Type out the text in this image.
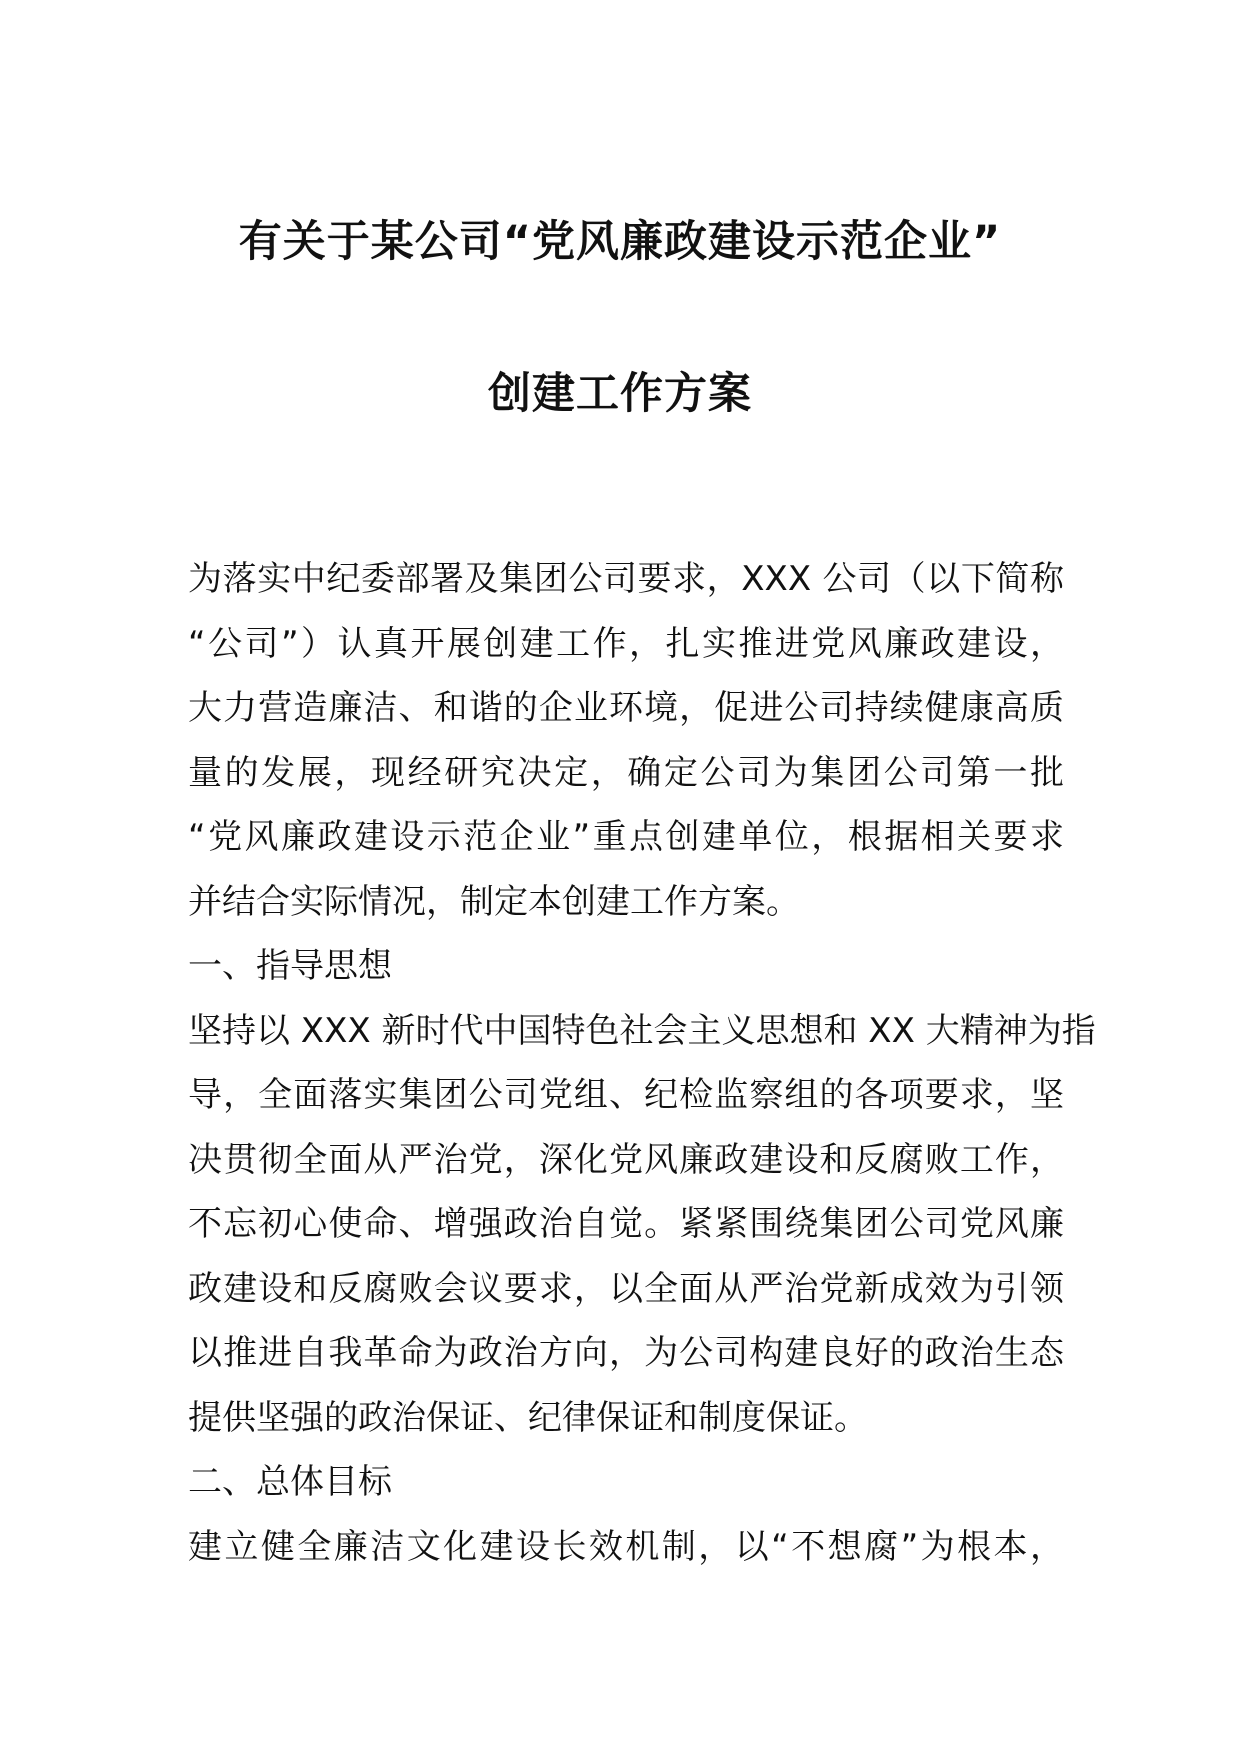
有关于某公司“党风廉政建设示范企业”
创建工作方案
为落实中纪委部署及集团公司要求，XXX 公司（以下简称
“公司”）认真开展创建工作，扎实推进党风廉政建设，
大力营造廉洁、和谐的企业环境，促进公司持续健康高质
量的发展，现经研究决定，确定公司为集团公司第一批
“党风廉政建设示范企业”重点创建单位，根据相关要求
并结合实际情况，制定本创建工作方案。
一、指导思想
坚持以 XXX 新时代中国特色社会主义思想和 XX 大精神为指
导，全面落实集团公司党组、纪检监察组的各项要求，坚
决贯彻全面从严治党，深化党风廉政建设和反腐败工作，
不忘初心使命、增强政治自觉。紧紧围绕集团公司党风廉
政建设和反腐败会议要求，以全面从严治党新成效为引领
以推进自我革命为政治方向，为公司构建良好的政治生态
提供坚强的政治保证、纪律保证和制度保证。
二、总体目标
建立健全廉洁文化建设长效机制，以“不想腐”为根本，
